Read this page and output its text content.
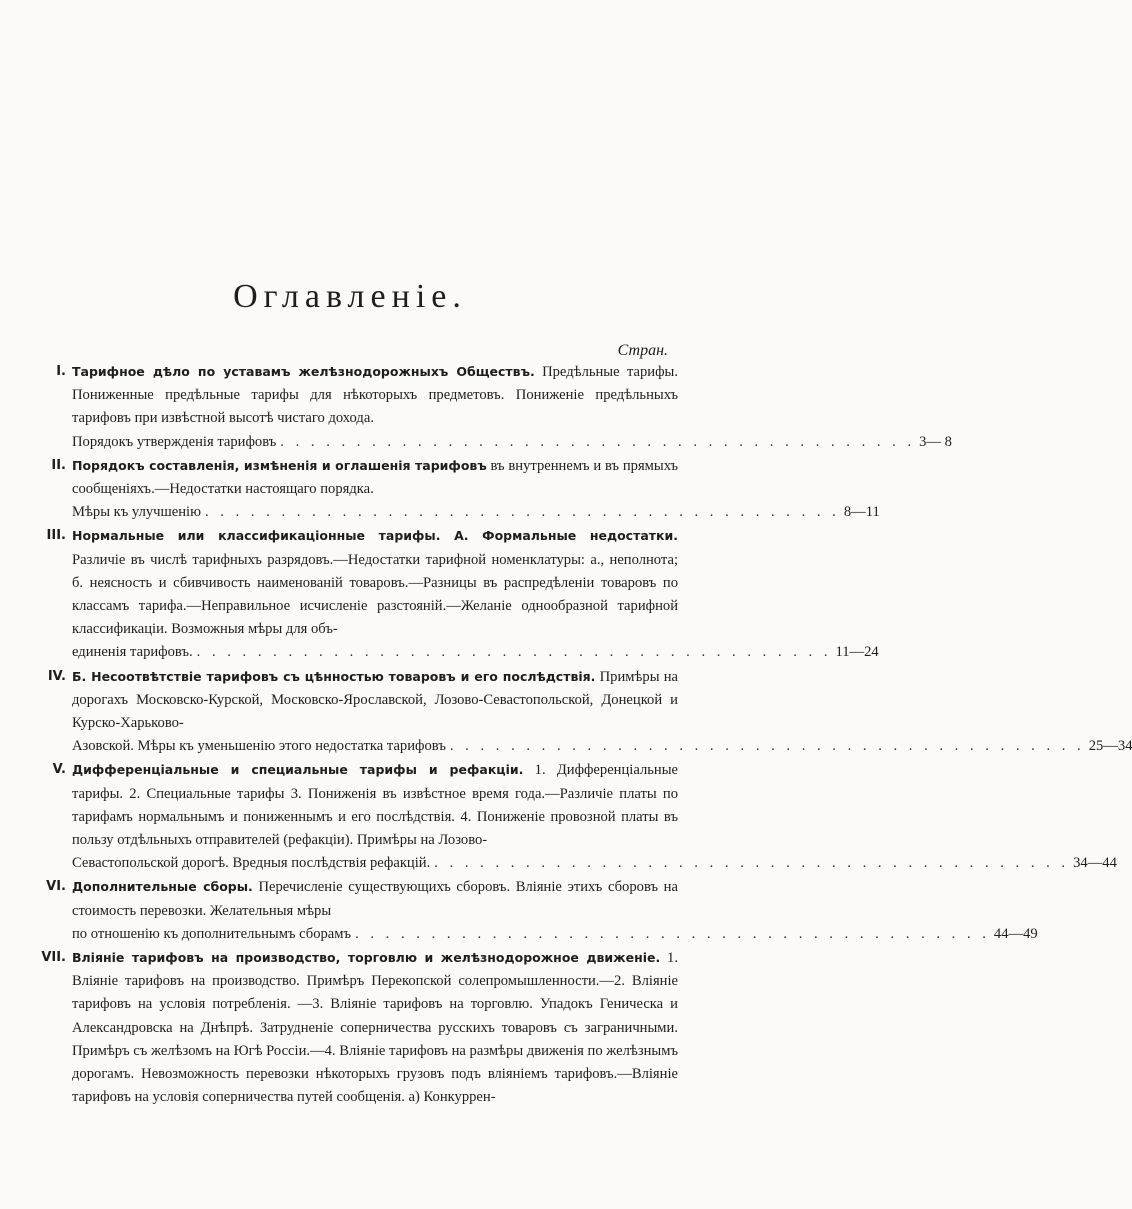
Оглавленіе.
Стран.
I. Тарифное дѣло по уставамъ желѣзнодорожныхъ Обществъ. Предѣльные тарифы. Пониженные предѣльные тарифы для нѣкоторыхъ предметовъ. Пониженіе предѣльныхъ тарифовъ при извѣстной высотѣ чистаго дохода.

Порядокъ утвержденія тарифовъ . . . . . . . . . . . . . . . . . . . . . . . . . . . . . . . . . . . . . . . . . . 3— 8
II. Порядокъ составленія, измѣненія и оглашенія тарифовъ въ внутреннемъ и въ прямыхъ сообщеніяхъ.—Недостатки настоящаго порядка.

Мѣры къ улучшенію . . . . . . . . . . . . . . . . . . . . . . . . . . . . . . . . . . . . . . . . . . 8—11
III. Нормальные или классификаціонные тарифы. А. Формальные недостатки. Различіе въ числѣ тарифныхъ разрядовъ.—Недостатки тарифной номенклатуры: а., неполнота; б. неясность и сбивчивость наименованій товаровъ.—Разницы въ распредѣленіи товаровъ по классамъ тарифа.—Неправильное исчисленіе разстояній.—Желаніе однообразной тарифной классификаціи. Возможныя мѣры для объ-

единенія тарифовъ. . . . . . . . . . . . . . . . . . . . . . . . . . . . . . . . . . . . . . . . . . . 11—24
IV. Б. Несоотвѣтствіе тарифовъ съ цѣнностью товаровъ и его послѣдствія. Примѣры на дорогахъ Московско-Курской, Московско-Ярославской, Лозово-Севастопольской, Донецкой и Курско-Харьково-

Азовской. Мѣры къ уменьшенію этого недостатка тарифовъ . . . . . . . . . . . . . . . . . . . . . . . . . . . . . . . . . . . . . . . . . . 25—34
V. Дифференціальные и специальные тарифы и рефакціи. 1. Дифференціальные тарифы. 2. Специальные тарифы 3. Пониженія въ извѣстное время года.—Различіе платы по тарифамъ нормальнымъ и пониженнымъ и его послѣдствія. 4. Пониженіе провозной платы въ пользу отдѣльныхъ отправителей (рефакціи). Примѣры на Лозово-

Севастопольской дорогѣ. Вредныя послѣдствія рефакцій. . . . . . . . . . . . . . . . . . . . . . . . . . . . . . . . . . . . . . . . . . . 34—44
VI. Дополнительные сборы. Перечисленіе существующихъ сборовъ. Вліяніе этихъ сборовъ на стоимость перевозки. Желательныя мѣры

по отношенію къ дополнительнымъ сборамъ . . . . . . . . . . . . . . . . . . . . . . . . . . . . . . . . . . . . . . . . . . 44—49
VII. Вліяніе тарифовъ на производство, торговлю и желѣзнодорожное движеніе. 1. Вліяніе тарифовъ на производство. Примѣръ Перекопской солепромышленности.—2. Вліяніе тарифовъ на условія потребленія. —3. Вліяніе тарифовъ на торговлю. Упадокъ Геническа и Александровска на Днѣпрѣ. Затрудненіе соперничества русскихъ товаровъ съ заграничными. Примѣръ съ желѣзомъ на Югѣ Россіи.—4. Вліяніе тарифовъ на размѣры движенія по желѣзнымъ дорогамъ. Невозможность перевозки нѣкоторыхъ грузовъ подъ вліяніемъ тарифовъ.—Вліяніе тарифовъ на условія соперничества путей сообщенія. а) Конкуррен-
